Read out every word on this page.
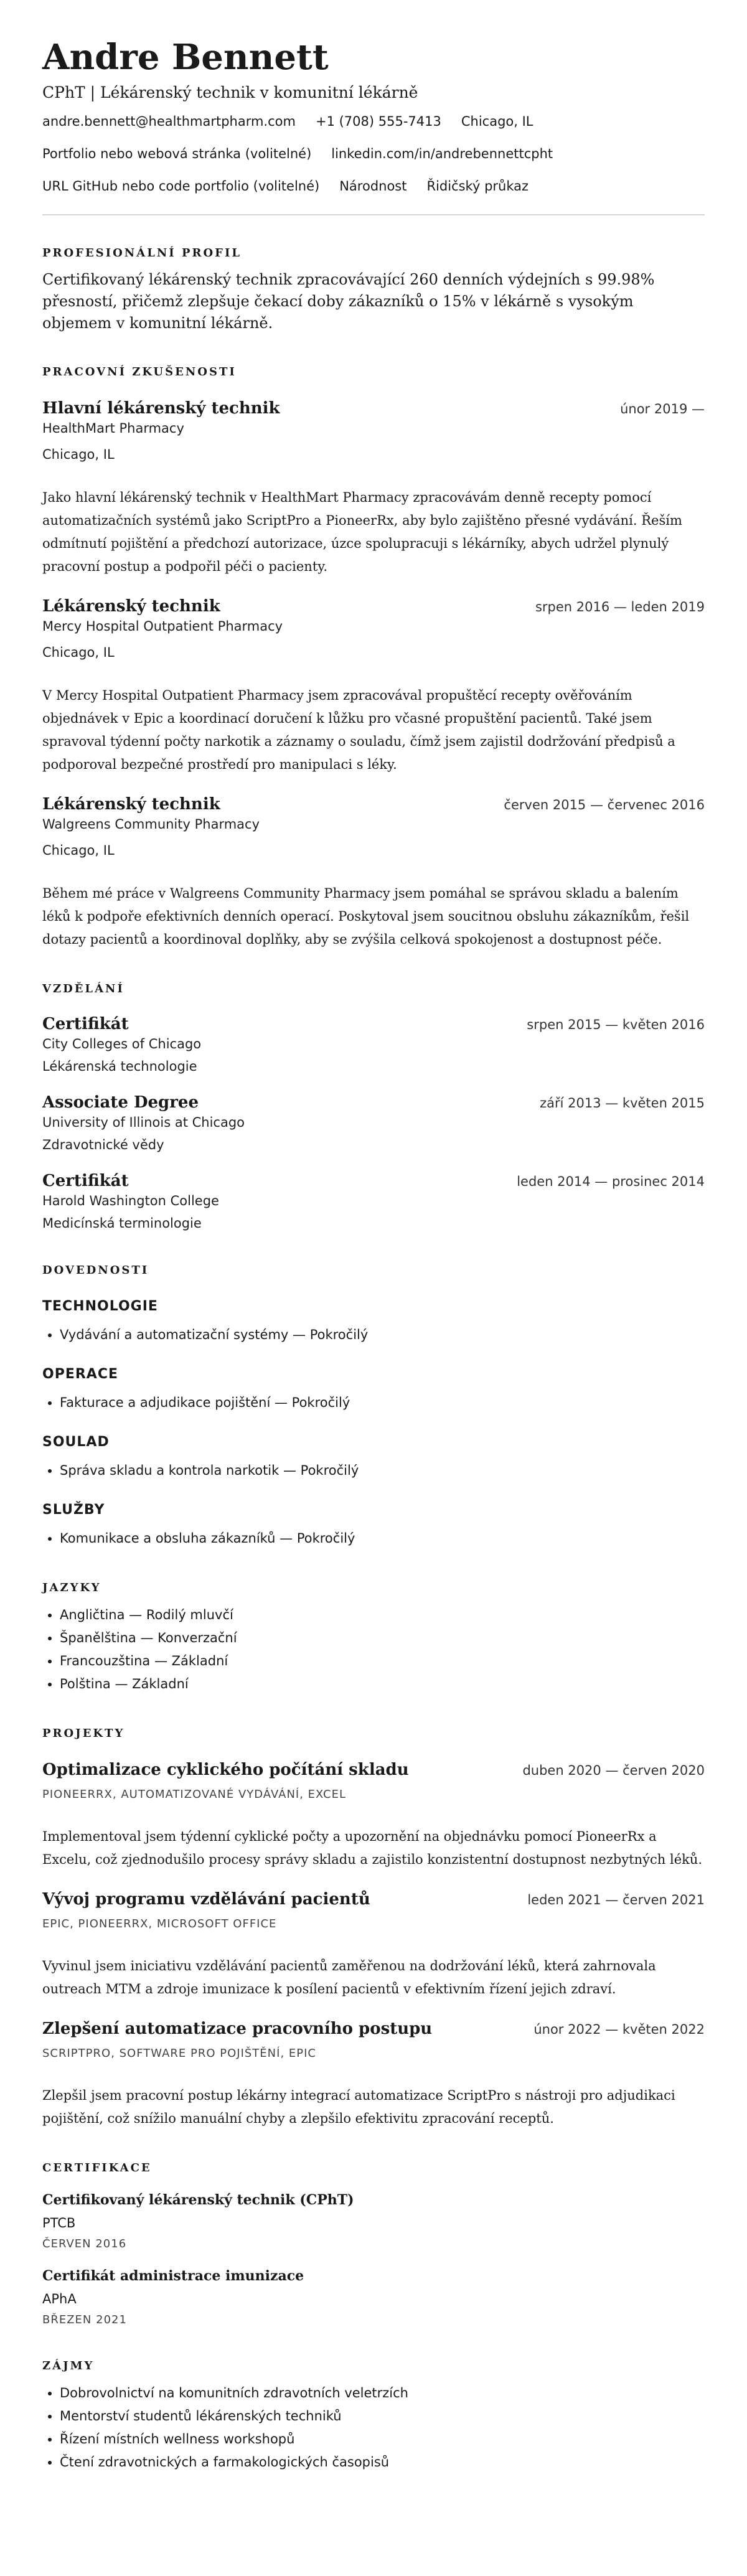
Andre Bennett
CPhT | Lékárenský technik v komunitní lékárně
andre.bennett@healthmartpharm.com +1 (708) 555-7413 Chicago, IL
Portfolio nebo webová stránka (volitelné) linkedin.com/in/andrebennettcpht
URL GitHub nebo code portfolio (volitelné) Národnost Řidičský průkaz
PROFESIONÁLNÍ PROFIL
Certifikovaný lékárenský technik zpracovávající 260 denních výdejních s 99.98% přesností, přičemž zlepšuje čekací doby zákazníků o 15% v lékárně s vysokým objemem v komunitní lékárně.
PRACOVNÍ ZKUŠENOSTI
Hlavní lékárenský technik	únor 2019 —
HealthMart Pharmacy
Chicago, IL
Jako hlavní lékárenský technik v HealthMart Pharmacy zpracovávám denně recepty pomocí automatizačních systémů jako ScriptPro a PioneerRx, aby bylo zajištěno přesné vydávání. Řeším odmítnutí pojištění a předchozí autorizace, úzce spolupracuji s lékárníky, abych udržel plynulý pracovní postup a podpořil péči o pacienty.
Lékárenský technik	srpen 2016 — leden 2019
Mercy Hospital Outpatient Pharmacy
Chicago, IL
V Mercy Hospital Outpatient Pharmacy jsem zpracovával propuštěcí recepty ověřováním objednávek v Epic a koordinací doručení k lůžku pro včasné propuštění pacientů. Také jsem spravoval týdenní počty narkotik a záznamy o souladu, čímž jsem zajistil dodržování předpisů a podporoval bezpečné prostředí pro manipulaci s léky.
Lékárenský technik	červen 2015 — červenec 2016
Walgreens Community Pharmacy
Chicago, IL
Během mé práce v Walgreens Community Pharmacy jsem pomáhal se správou skladu a balením léků k podpoře efektivních denních operací. Poskytoval jsem soucitnou obsluhu zákazníkům, řešil dotazy pacientů a koordinoval doplňky, aby se zvýšila celková spokojenost a dostupnost péče.
VZDĚLÁNÍ
Certifikát	srpen 2015 — květen 2016
City Colleges of Chicago
Lékárenská technologie
Associate Degree	září 2013 — květen 2015
University of Illinois at Chicago
Zdravotnické vědy
Certifikát	leden 2014 — prosinec 2014
Harold Washington College
Medicínská terminologie
DOVEDNOSTI
TECHNOLOGIE
• Vydávání a automatizační systémy — Pokročilý
OPERACE
• Fakturace a adjudikace pojištění — Pokročilý
SOULAD
• Správa skladu a kontrola narkotik — Pokročilý
SLUŽBY
• Komunikace a obsluha zákazníků — Pokročilý
JAZYKY
• Angličtina — Rodilý mluvčí
• Španělština — Konverzační
• Francouzština — Základní
• Polština — Základní
PROJEKTY
Optimalizace cyklického počítání skladu	duben 2020 — červen 2020
PIONEERRX, AUTOMATIZOVANÉ VYDÁVÁNÍ, EXCEL
Implementoval jsem týdenní cyklické počty a upozornění na objednávku pomocí PioneerRx a Excelu, což zjednodušilo procesy správy skladu a zajistilo konzistentní dostupnost nezbytných léků.
Vývoj programu vzdělávání pacientů	leden 2021 — červen 2021
EPIC, PIONEERRX, MICROSOFT OFFICE
Vyvinul jsem iniciativu vzdělávání pacientů zaměřenou na dodržování léků, která zahrnovala outreach MTM a zdroje imunizace k posílení pacientů v efektivním řízení jejich zdraví.
Zlepšení automatizace pracovního postupu	únor 2022 — květen 2022
SCRIPTPRO, SOFTWARE PRO POJIŠTĚNÍ, EPIC
Zlepšil jsem pracovní postup lékárny integrací automatizace ScriptPro s nástroji pro adjudikaci pojištění, což snížilo manuální chyby a zlepšilo efektivitu zpracování receptů.
CERTIFIKACE
Certifikovaný lékárenský technik (CPhT)
PTCB
ČERVEN 2016
Certifikát administrace imunizace
APhA
BŘEZEN 2021
ZÁJMY
• Dobrovolnictví na komunitních zdravotních veletrzích
• Mentorství studentů lékárenských techniků
• Řízení místních wellness workshopů
• Čtení zdravotnických a farmakologických časopisů
